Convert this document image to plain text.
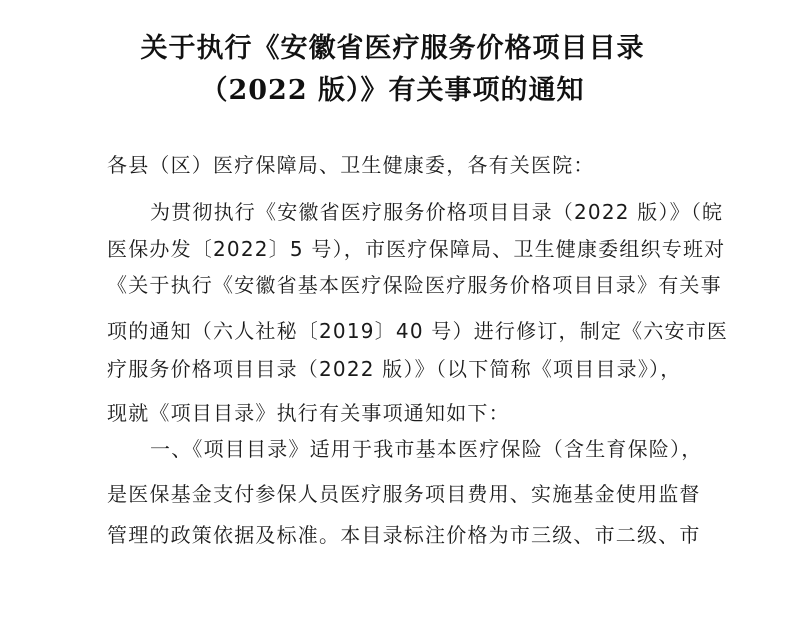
关于执行《安徽省医疗服务价格项目目录
（2022 版）》有关事项的通知
各县（区）医疗保障局、卫生健康委，各有关医院：
为贯彻执行《安徽省医疗服务价格项目目录（2022 版）》（皖
医保办发〔2022〕5 号），市医疗保障局、卫生健康委组织专班对
《关于执行《安徽省基本医疗保险医疗服务价格项目目录》有关事
项的通知（六人社秘〔2019〕40 号）进行修订，制定《六安市医
疗服务价格项目目录（2022 版）》（以下简称《项目目录》），
现就《项目目录》执行有关事项通知如下：
一、《项目目录》适用于我市基本医疗保险（含生育保险），
是医保基金支付参保人员医疗服务项目费用、实施基金使用监督
管理的政策依据及标准。本目录标注价格为市三级、市二级、市
